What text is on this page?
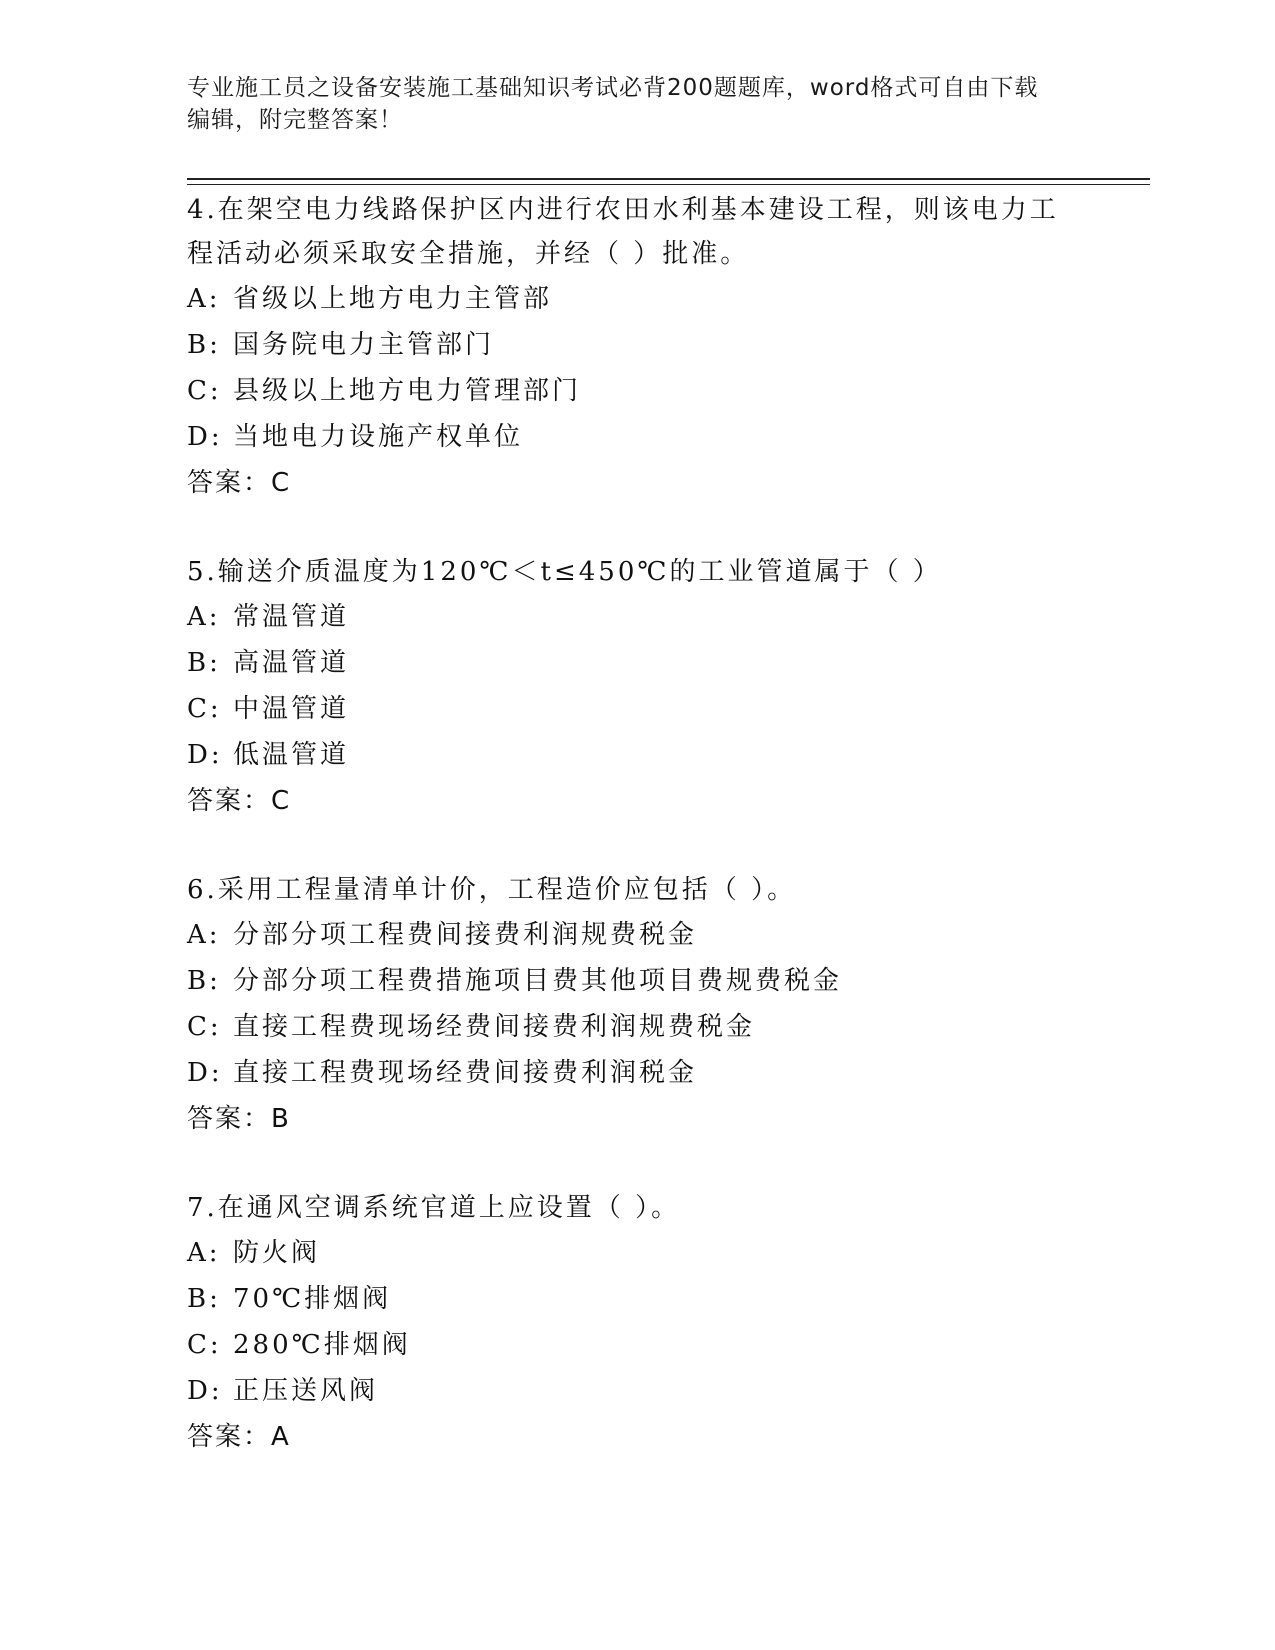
专业施工员之设备安装施工基础知识考试必背200题题库，word格式可自由下载
编辑，附完整答案！

4.在架空电力线路保护区内进行农田水利基本建设工程，则该电力工程活动必须采取安全措施，并经（ ）批准。

A: 省级以上地方电力主管部
B: 国务院电力主管部门
C: 县级以上地方电力管理部门
D: 当地电力设施产权单位
答案：C

5.输送介质温度为120℃＜t≤450℃的工业管道属于（ ）

A: 常温管道
B: 高温管道
C: 中温管道
D: 低温管道
答案：C

6.采用工程量清单计价，工程造价应包括（ ）。

A: 分部分项工程费间接费利润规费税金
B: 分部分项工程费措施项目费其他项目费规费税金
C: 直接工程费现场经费间接费利润规费税金
D: 直接工程费现场经费间接费利润税金
答案：B

7.在通风空调系统官道上应设置（ ）。

A: 防火阀
B: 70℃排烟阀
C: 280℃排烟阀
D: 正压送风阀
答案：A
